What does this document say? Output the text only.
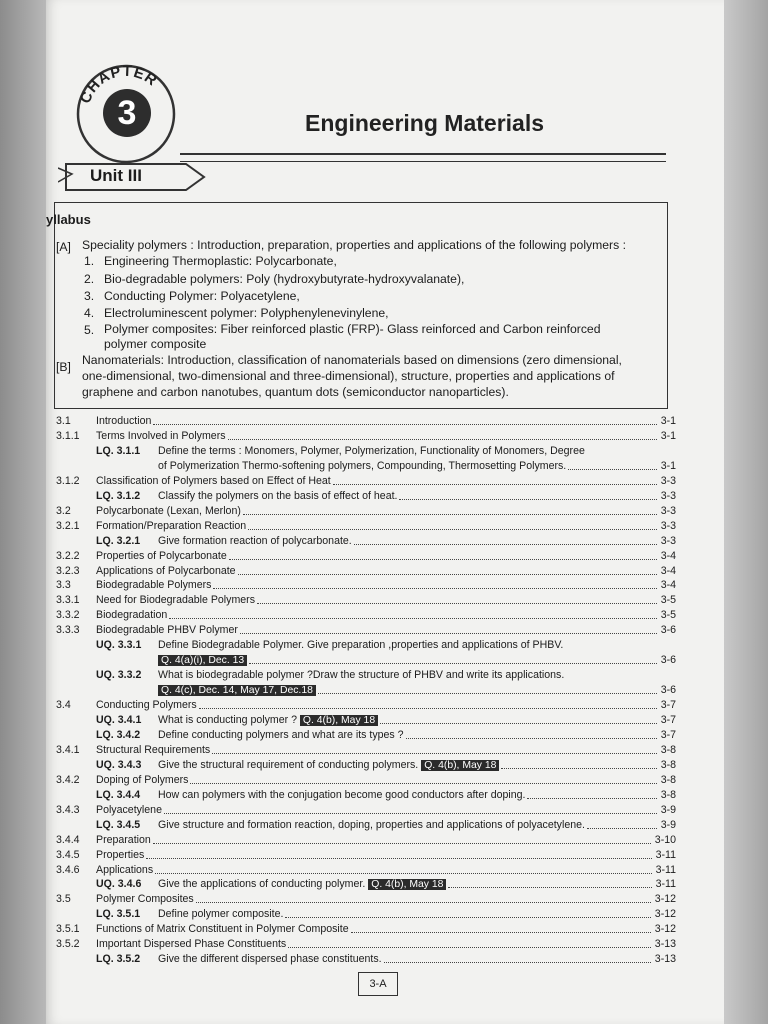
CHAPTER
3
Unit III
Engineering Materials
yllabus
[A] Speciality polymers : Introduction, preparation, properties and applications of the following polymers :
1. Engineering Thermoplastic: Polycarbonate,
2. Bio-degradable polymers: Poly (hydroxybutyrate-hydroxyvalanate),
3. Conducting Polymer: Polyacetylene,
4. Electroluminescent polymer: Polyphenylenevinylene,
5. Polymer composites: Fiber reinforced plastic (FRP)- Glass reinforced and Carbon reinforced
polymer composite
[B] Nanomaterials: Introduction, classification of nanomaterials based on dimensions (zero dimensional,
one-dimensional, two-dimensional and three-dimensional), structure, properties and applications of
graphene and carbon nanotubes, quantum dots (semiconductor nanoparticles).
3.1 Introduction	3-1
3.1.1 Terms Involved in Polymers	3-1
LQ. 3.1.1 Define the terms : Monomers, Polymer, Polymerization, Functionality of Monomers, Degree
of Polymerization Thermo-softening polymers, Compounding, Thermosetting Polymers.	3-1
3.1.2 Classification of Polymers based on Effect of Heat	3-3
LQ. 3.1.2 Classify the polymers on the basis of effect of heat.	3-3
3.2 Polycarbonate (Lexan, Merlon)	3-3
3.2.1 Formation/Preparation Reaction	3-3
LQ. 3.2.1 Give formation reaction of polycarbonate.	3-3
3.2.2 Properties of Polycarbonate	3-4
3.2.3 Applications of Polycarbonate	3-4
3.3 Biodegradable Polymers	3-4
3.3.1 Need for Biodegradable Polymers	3-5
3.3.2 Biodegradation	3-5
3.3.3 Biodegradable PHBV Polymer	3-6
UQ. 3.3.1 Define Biodegradable Polymer. Give preparation ,properties and applications of PHBV.
Q. 4(a)(i), Dec. 13	3-6
UQ. 3.3.2 What is biodegradable polymer ?Draw the structure of PHBV and write its applications.
Q. 4(c), Dec. 14, May 17, Dec.18	3-6
3.4 Conducting Polymers	3-7
UQ. 3.4.1 What is conducting polymer ? Q. 4(b), May 18	3-7
LQ. 3.4.2 Define conducting polymers and what are its types ?	3-7
3.4.1 Structural Requirements	3-8
UQ. 3.4.3 Give the structural requirement of conducting polymers. Q. 4(b), May 18	3-8
3.4.2 Doping of Polymers	3-8
LQ. 3.4.4 How can polymers with the conjugation become good conductors after doping.	3-8
3.4.3 Polyacetylene	3-9
LQ. 3.4.5 Give structure and formation reaction, doping, properties and applications of polyacetylene.	3-9
3.4.4 Preparation	3-10
3.4.5 Properties	3-11
3.4.6 Applications	3-11
UQ. 3.4.6 Give the applications of conducting polymer. Q. 4(b), May 18	3-11
3.5 Polymer Composites	3-12
LQ. 3.5.1 Define polymer composite.	3-12
3.5.1 Functions of Matrix Constituent in Polymer Composite	3-12
3.5.2 Important Dispersed Phase Constituents	3-13
LQ. 3.5.2 Give the different dispersed phase constituents.	3-13
3-A
